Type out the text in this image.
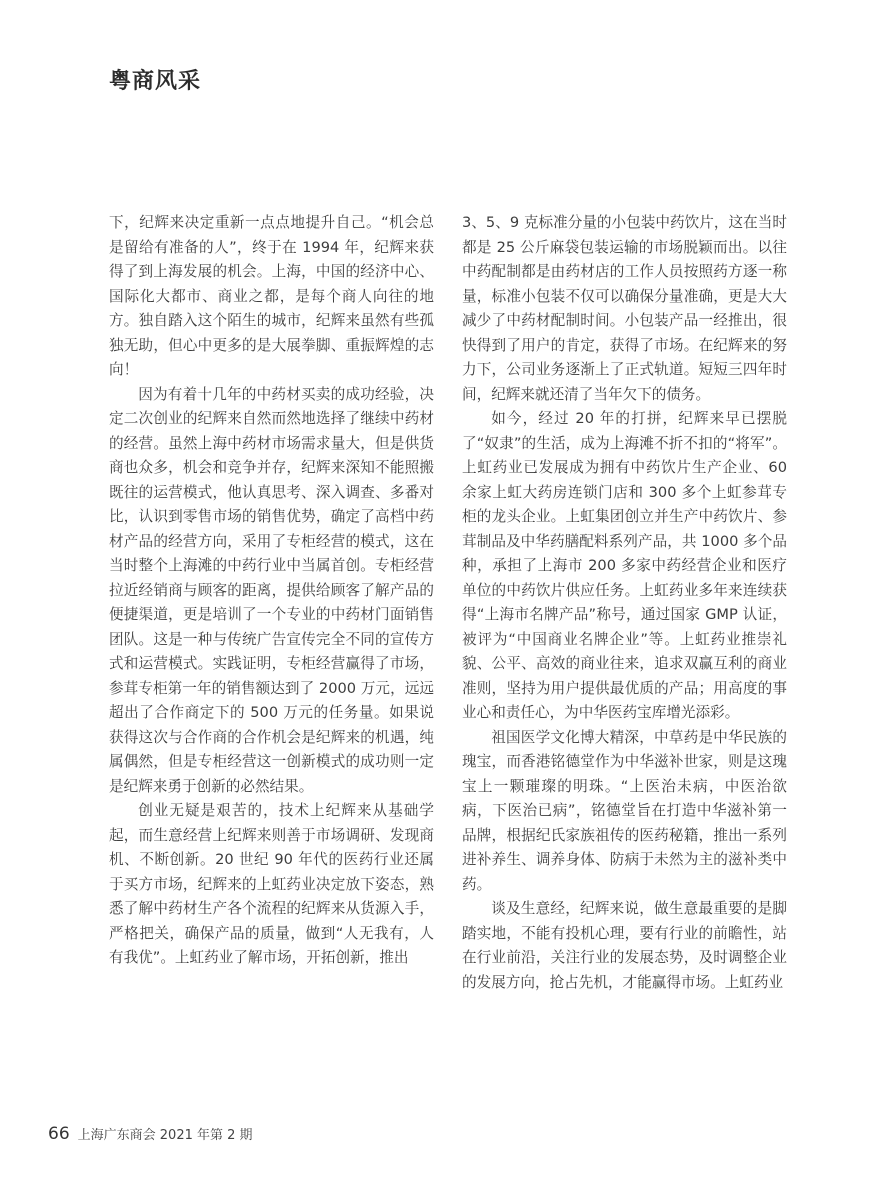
粤商风采

下，纪辉来决定重新一点点地提升自己。“机会总是留给有准备的人”，终于在 1994 年，纪辉来获得了到上海发展的机会。上海，中国的经济中心、国际化大都市、商业之都，是每个商人向往的地方。独自踏入这个陌生的城市，纪辉来虽然有些孤独无助，但心中更多的是大展拳脚、重振辉煌的志向！

因为有着十几年的中药材买卖的成功经验，决定二次创业的纪辉来自然而然地选择了继续中药材的经营。虽然上海中药材市场需求量大，但是供货商也众多，机会和竞争并存，纪辉来深知不能照搬既往的运营模式，他认真思考、深入调查、多番对比，认识到零售市场的销售优势，确定了高档中药材产品的经营方向，采用了专柜经营的模式，这在当时整个上海滩的中药行业中当属首创。专柜经营拉近经销商与顾客的距离，提供给顾客了解产品的便捷渠道，更是培训了一个专业的中药材门面销售团队。这是一种与传统广告宣传完全不同的宣传方式和运营模式。实践证明，专柜经营赢得了市场，参茸专柜第一年的销售额达到了 2000 万元，远远超出了合作商定下的 500 万元的任务量。如果说获得这次与合作商的合作机会是纪辉来的机遇，纯属偶然，但是专柜经营这一创新模式的成功则一定是纪辉来勇于创新的必然结果。

创业无疑是艰苦的，技术上纪辉来从基础学起，而生意经营上纪辉来则善于市场调研、发现商机、不断创新。20 世纪 90 年代的医药行业还属于买方市场，纪辉来的上虹药业决定放下姿态，熟悉了解中药材生产各个流程的纪辉来从货源入手，严格把关，确保产品的质量，做到“人无我有，人有我优”。上虹药业了解市场，开拓创新，推出

3、5、9 克标准分量的小包装中药饮片，这在当时都是 25 公斤麻袋包装运输的市场脱颖而出。以往中药配制都是由药材店的工作人员按照药方逐一称量，标准小包装不仅可以确保分量准确，更是大大减少了中药材配制时间。小包装产品一经推出，很快得到了用户的肯定，获得了市场。在纪辉来的努力下，公司业务逐渐上了正式轨道。短短三四年时间，纪辉来就还清了当年欠下的债务。

如今，经过 20 年的打拼，纪辉来早已摆脱了“奴隶”的生活，成为上海滩不折不扣的“将军”。上虹药业已发展成为拥有中药饮片生产企业、60 余家上虹大药房连锁门店和 300 多个上虹参茸专柜的龙头企业。上虹集团创立并生产中药饮片、参茸制品及中华药膳配料系列产品，共 1000 多个品种，承担了上海市 200 多家中药经营企业和医疗单位的中药饮片供应任务。上虹药业多年来连续获得“上海市名牌产品”称号，通过国家 GMP 认证，被评为“中国商业名牌企业”等。上虹药业推崇礼貌、公平、高效的商业往来，追求双赢互利的商业准则，坚持为用户提供最优质的产品；用高度的事业心和责任心，为中华医药宝库增光添彩。

祖国医学文化博大精深，中草药是中华民族的瑰宝，而香港铭德堂作为中华滋补世家，则是这瑰宝上一颗璀璨的明珠。“上医治未病，中医治欲病，下医治已病”，铭德堂旨在打造中华滋补第一品牌，根据纪氏家族祖传的医药秘籍，推出一系列进补养生、调养身体、防病于未然为主的滋补类中药。

谈及生意经，纪辉来说，做生意最重要的是脚踏实地，不能有投机心理，要有行业的前瞻性，站在行业前沿，关注行业的发展态势，及时调整企业的发展方向，抢占先机，才能赢得市场。上虹药业

66 上海广东商会 2021 年第 2 期
